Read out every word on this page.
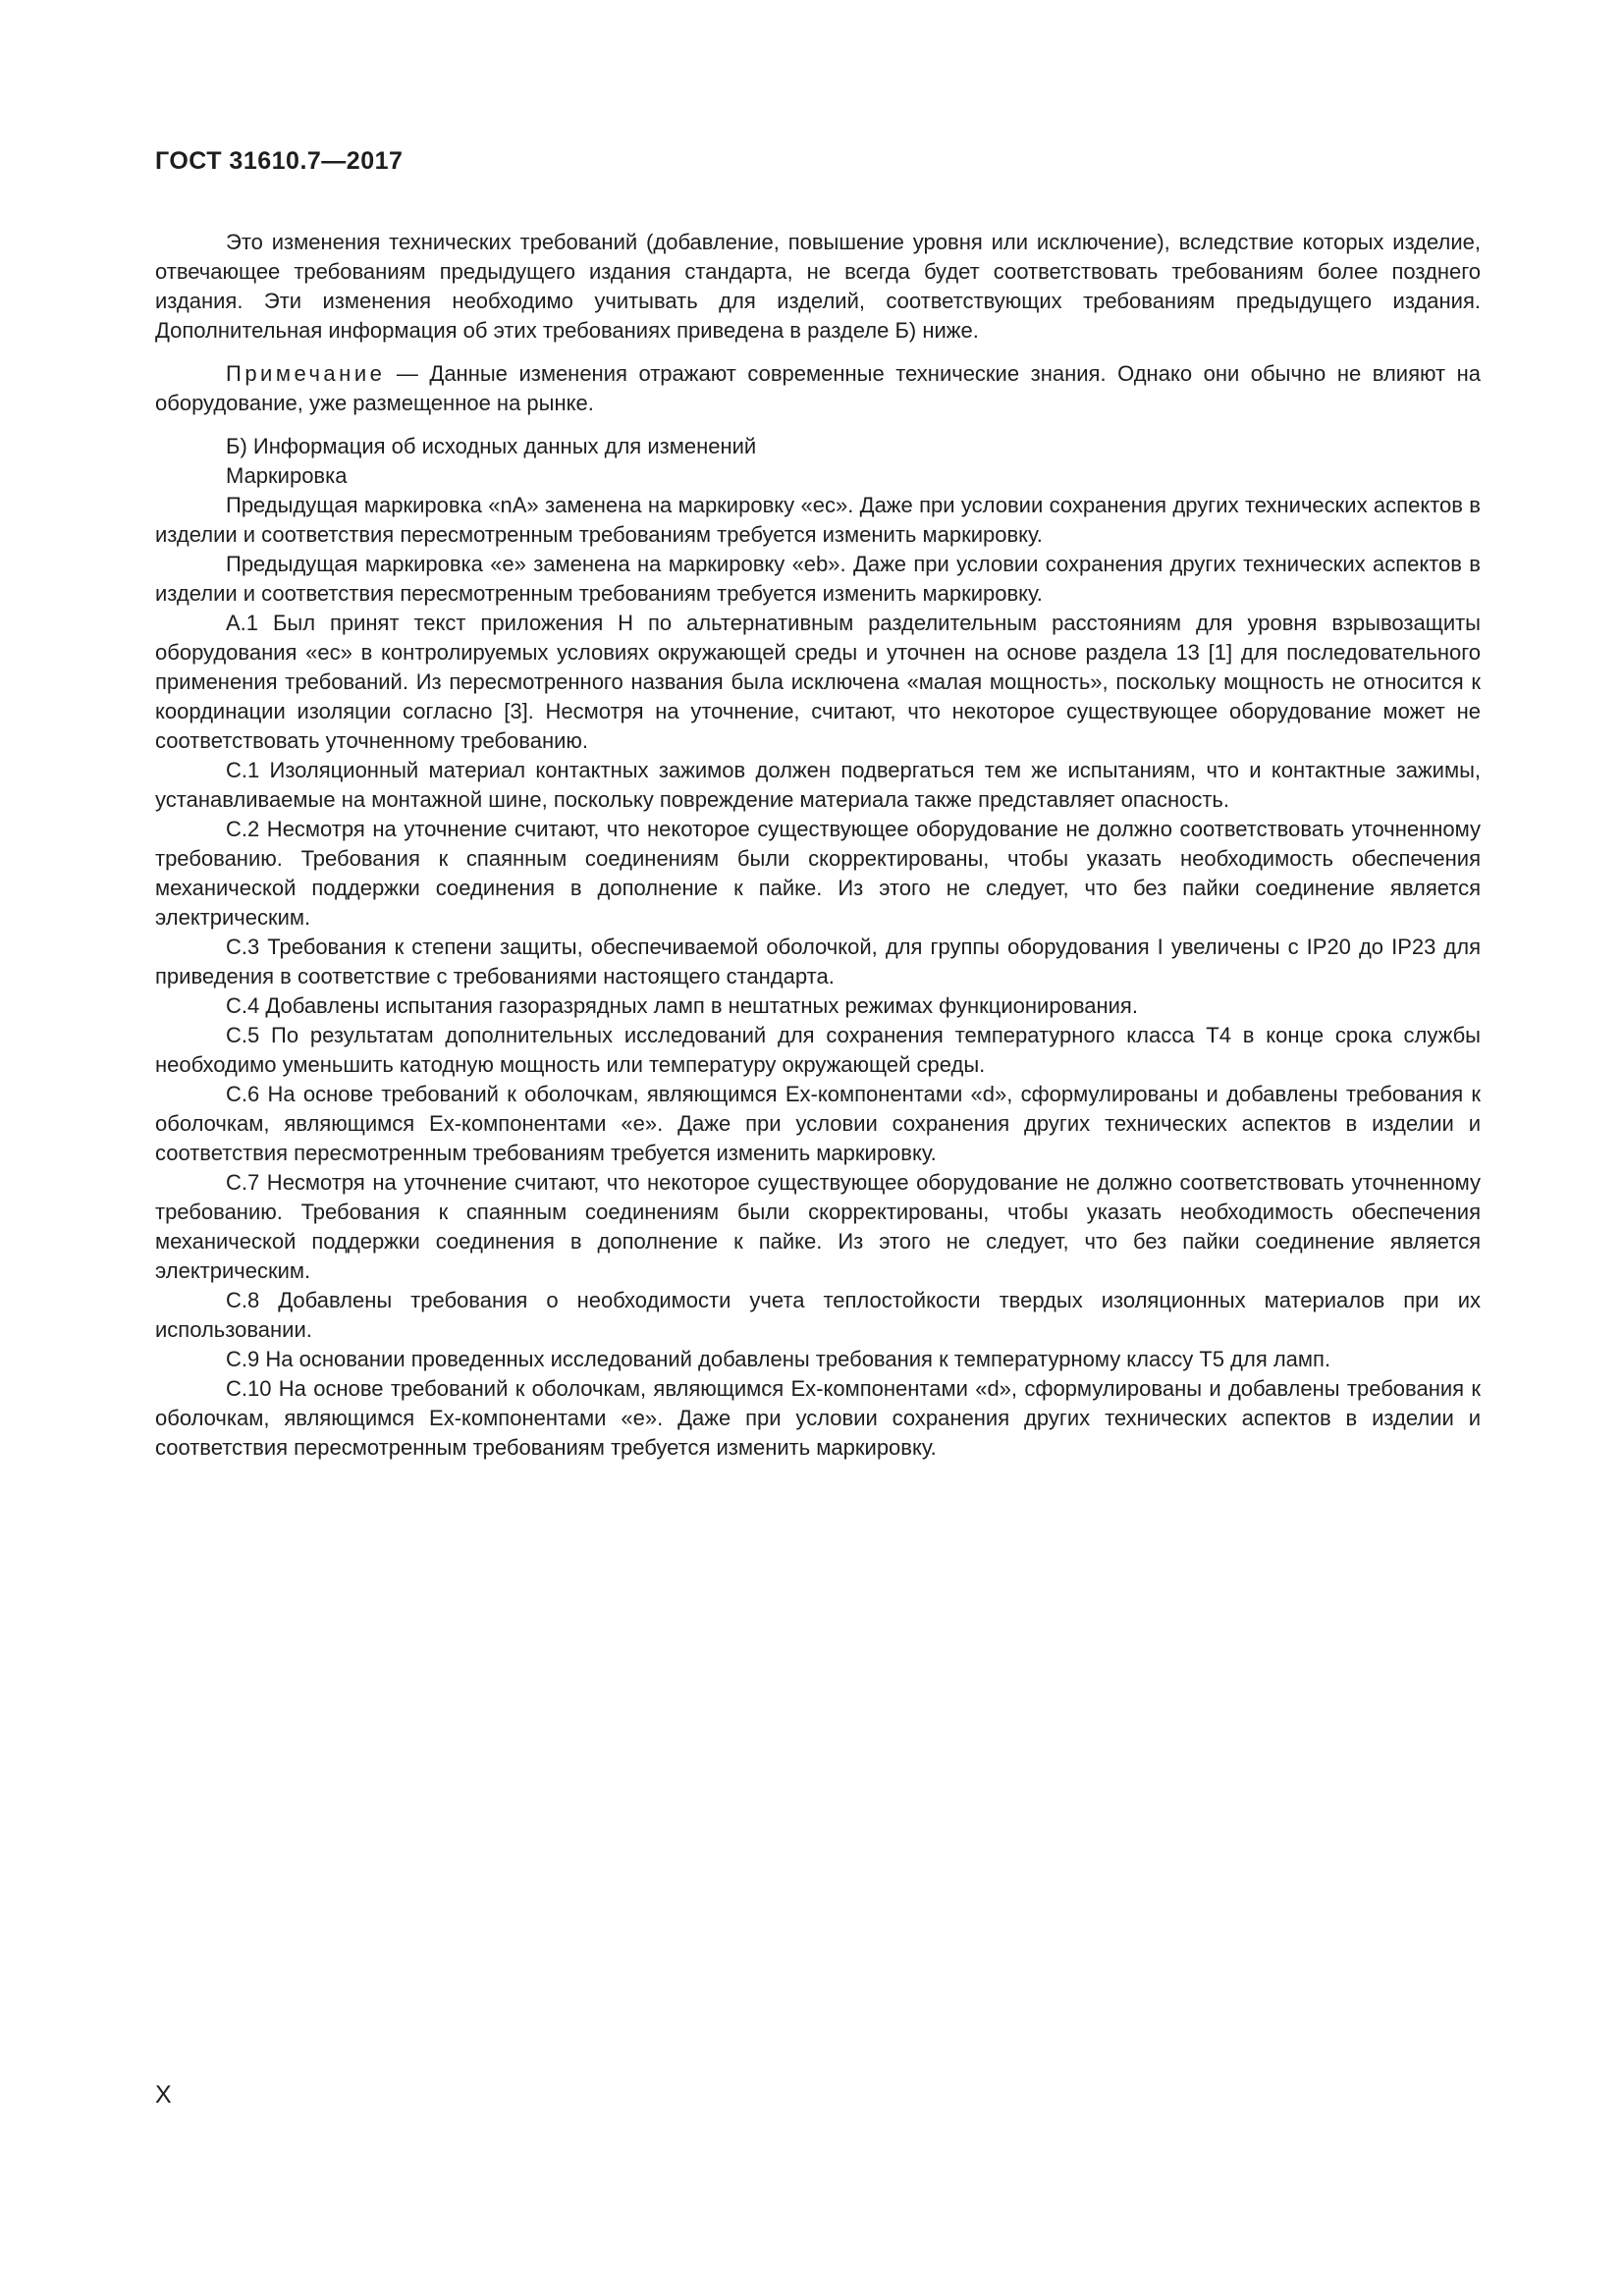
ГОСТ 31610.7—2017

Это изменения технических требований (добавление, повышение уровня или исключение), вследствие которых изделие, отвечающее требованиям предыдущего издания стандарта, не всегда будет соответствовать требованиям более позднего издания. Эти изменения необходимо учитывать для изделий, соответствующих требованиям предыдущего издания. Дополнительная информация об этих требованиях приведена в разделе Б) ниже.

Примечание — Данные изменения отражают современные технические знания. Однако они обычно не влияют на оборудование, уже размещенное на рынке.

Б) Информация об исходных данных для изменений

Маркировка

Предыдущая маркировка «nA» заменена на маркировку «ec». Даже при условии сохранения других технических аспектов в изделии и соответствия пересмотренным требованиям требуется изменить маркировку.

Предыдущая маркировка «e» заменена на маркировку «eb». Даже при условии сохранения других технических аспектов в изделии и соответствия пересмотренным требованиям требуется изменить маркировку.

А.1 Был принят текст приложения Н по альтернативным разделительным расстояниям для уровня взрывозащиты оборудования «ec» в контролируемых условиях окружающей среды и уточнен на основе раздела 13 [1] для последовательного применения требований. Из пересмотренного названия была исключена «малая мощность», поскольку мощность не относится к координации изоляции согласно [3]. Несмотря на уточнение, считают, что некоторое существующее оборудование может не соответствовать уточненному требованию.

С.1 Изоляционный материал контактных зажимов должен подвергаться тем же испытаниям, что и контактные зажимы, устанавливаемые на монтажной шине, поскольку повреждение материала также представляет опасность.

С.2 Несмотря на уточнение считают, что некоторое существующее оборудование не должно соответствовать уточненному требованию. Требования к спаянным соединениям были скорректированы, чтобы указать необходимость обеспечения механической поддержки соединения в дополнение к пайке. Из этого не следует, что без пайки соединение является электрическим.

С.3 Требования к степени защиты, обеспечиваемой оболочкой, для группы оборудования I увеличены с IP20 до IP23 для приведения в соответствие с требованиями настоящего стандарта.

С.4 Добавлены испытания газоразрядных ламп в нештатных режимах функционирования.

С.5 По результатам дополнительных исследований для сохранения температурного класса Т4 в конце срока службы необходимо уменьшить катодную мощность или температуру окружающей среды.

С.6 На основе требований к оболочкам, являющимся Ex-компонентами «d», сформулированы и добавлены требования к оболочкам, являющимся Ex-компонентами «e». Даже при условии сохранения других технических аспектов в изделии и соответствия пересмотренным требованиям требуется изменить маркировку.

С.7 Несмотря на уточнение считают, что некоторое существующее оборудование не должно соответствовать уточненному требованию. Требования к спаянным соединениям были скорректированы, чтобы указать необходимость обеспечения механической поддержки соединения в дополнение к пайке. Из этого не следует, что без пайки соединение является электрическим.

С.8 Добавлены требования о необходимости учета теплостойкости твердых изоляционных материалов при их использовании.

С.9 На основании проведенных исследований добавлены требования к температурному классу Т5 для ламп.

С.10 На основе требований к оболочкам, являющимся Ex-компонентами «d», сформулированы и добавлены требования к оболочкам, являющимся Ex-компонентами «e». Даже при условии сохранения других технических аспектов в изделии и соответствия пересмотренным требованиям требуется изменить маркировку.

X
